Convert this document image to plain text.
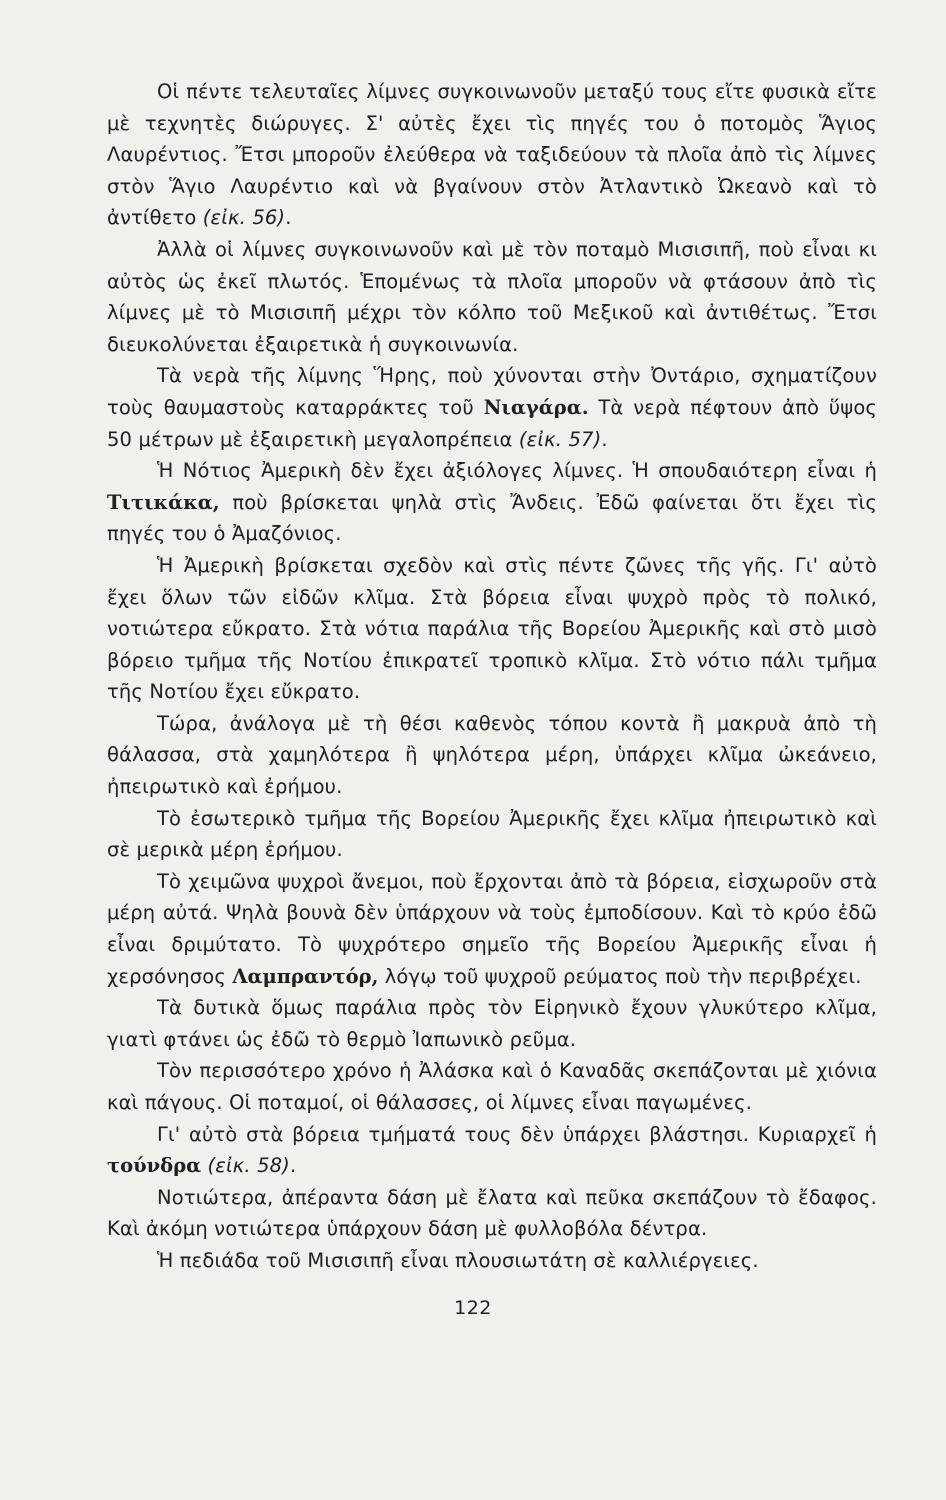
Οἱ πέντε τελευταῖες λίμνες συγκοινωνοῦν μεταξύ τους εἴτε φυσικὰ εἴτε μὲ τεχνητὲς διώρυγες. Σ' αὐτὲς ἔχει τὶς πηγές του ὁ ποτομὸς Ἅγιος Λαυρέντιος. Ἔτσι μποροῦν ἐλεύθερα νὰ ταξιδεύουν τὰ πλοῖα ἀπὸ τὶς λίμνες στὸν Ἅγιο Λαυρέντιο καὶ νὰ βγαίνουν στὸν Ἀτλαντικὸ Ὠκεανὸ καὶ τὸ ἀντίθετο (εἰκ. 56).

Ἀλλὰ οἱ λίμνες συγκοινωνοῦν καὶ μὲ τὸν ποταμὸ Μισισιπῆ, ποὺ εἶναι κι αὐτὸς ὡς ἐκεῖ πλωτός. Ἑπομένως τὰ πλοῖα μποροῦν νὰ φτάσουν ἀπὸ τὶς λίμνες μὲ τὸ Μισισιπῆ μέχρι τὸν κόλπο τοῦ Μεξικοῦ καὶ ἀντιθέτως. Ἔτσι διευκολύνεται ἐξαιρετικὰ ἡ συγκοινωνία.

Τὰ νερὰ τῆς λίμνης Ἥρης, ποὺ χύνονται στὴν Ὀντάριο, σχηματίζουν τοὺς θαυμαστοὺς καταρράκτες τοῦ Νιαγάρα. Τὰ νερὰ πέφτουν ἀπὸ ὕψος 50 μέτρων μὲ ἐξαιρετικὴ μεγαλοπρέπεια (εἰκ. 57).

Ἡ Νότιος Ἀμερικὴ δὲν ἔχει ἀξιόλογες λίμνες. Ἡ σπουδαιότερη εἶναι ἡ Τιτικάκα, ποὺ βρίσκεται ψηλὰ στὶς Ἄνδεις. Ἐδῶ φαίνεται ὅτι ἔχει τὶς πηγές του ὁ Ἀμαζόνιος.

Ἡ Ἀμερικὴ βρίσκεται σχεδὸν καὶ στὶς πέντε ζῶνες τῆς γῆς. Γι' αὐτὸ ἔχει ὅλων τῶν εἰδῶν κλῖμα. Στὰ βόρεια εἶναι ψυχρὸ πρὸς τὸ πολικό, νοτιώτερα εὔκρατο. Στὰ νότια παράλια τῆς Βορείου Ἀμερικῆς καὶ στὸ μισὸ βόρειο τμῆμα τῆς Νοτίου ἐπικρατεῖ τροπικὸ κλῖμα. Στὸ νότιο πάλι τμῆμα τῆς Νοτίου ἔχει εὔκρατο.

Τώρα, ἀνάλογα μὲ τὴ θέσι καθενὸς τόπου κοντὰ ἢ μακρυὰ ἀπὸ τὴ θάλασσα, στὰ χαμηλότερα ἢ ψηλότερα μέρη, ὑπάρχει κλῖμα ὠκεάνειο, ἠπειρωτικὸ καὶ ἐρήμου.

Τὸ ἐσωτερικὸ τμῆμα τῆς Βορείου Ἀμερικῆς ἔχει κλῖμα ἠπειρωτικὸ καὶ σὲ μερικὰ μέρη ἐρήμου.

Τὸ χειμῶνα ψυχροὶ ἄνεμοι, ποὺ ἔρχονται ἀπὸ τὰ βόρεια, εἰσχωροῦν στὰ μέρη αὐτά. Ψηλὰ βουνὰ δὲν ὑπάρχουν νὰ τοὺς ἐμποδίσουν. Καὶ τὸ κρύο ἐδῶ εἶναι δριμύτατο. Τὸ ψυχρότερο σημεῖο τῆς Βορείου Ἀμερικῆς εἶναι ἡ χερσόνησος Λαμπραντόρ, λόγῳ τοῦ ψυχροῦ ρεύματος ποὺ τὴν περιβρέχει.

Τὰ δυτικὰ ὅμως παράλια πρὸς τὸν Εἰρηνικὸ ἔχουν γλυκύτερο κλῖμα, γιατὶ φτάνει ὡς ἐδῶ τὸ θερμὸ Ἰαπωνικὸ ρεῦμα.

Τὸν περισσότερο χρόνο ἡ Ἀλάσκα καὶ ὁ Καναδᾶς σκεπάζονται μὲ χιόνια καὶ πάγους. Οἱ ποταμοί, οἱ θάλασσες, οἱ λίμνες εἶναι παγωμένες.

Γι' αὐτὸ στὰ βόρεια τμήματά τους δὲν ὑπάρχει βλάστησι. Κυριαρχεῖ ἡ τούνδρα (εἰκ. 58).

Νοτιώτερα, ἀπέραντα δάση μὲ ἔλατα καὶ πεῦκα σκεπάζουν τὸ ἔδαφος. Καὶ ἀκόμη νοτιώτερα ὑπάρχουν δάση μὲ φυλλοβόλα δέντρα.

Ἡ πεδιάδα τοῦ Μισισιπῆ εἶναι πλουσιωτάτη σὲ καλλιέργειες.

122
